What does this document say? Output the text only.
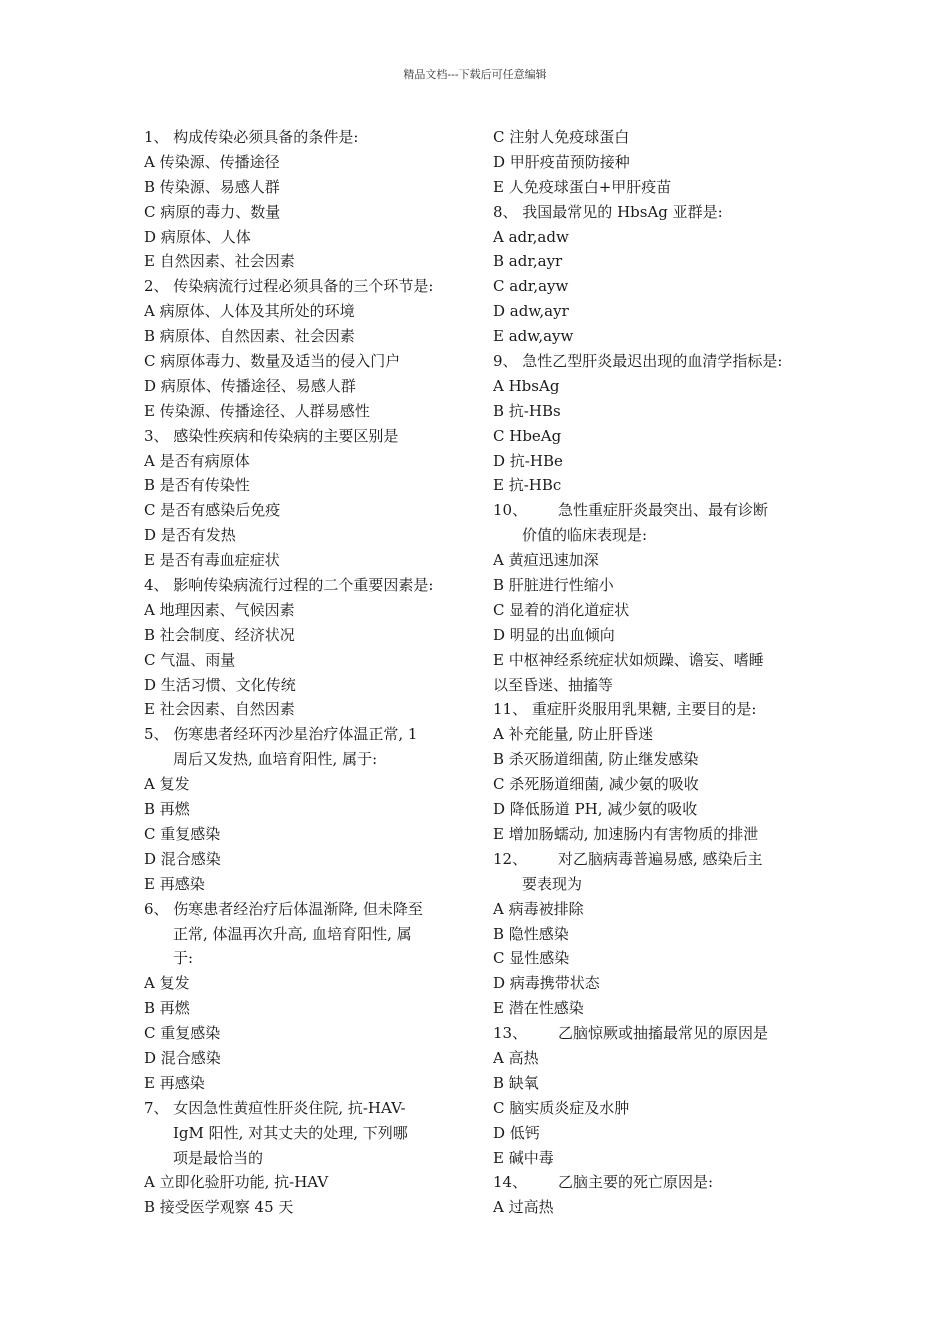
精品文档---下载后可任意编辑
1、 构成传染必须具备的条件是:
A 传染源、传播途径
B 传染源、易感人群
C 病原的毒力、数量
D 病原体、人体
E 自然因素、社会因素
2、 传染病流行过程必须具备的三个环节是:
A 病原体、人体及其所处的环境
B 病原体、自然因素、社会因素
C 病原体毒力、数量及适当的侵入门户
D 病原体、传播途径、易感人群
E 传染源、传播途径、人群易感性
3、 感染性疾病和传染病的主要区别是
A 是否有病原体
B 是否有传染性
C 是否有感染后免疫
D 是否有发热
E 是否有毒血症症状
4、 影响传染病流行过程的二个重要因素是:
A 地理因素、气候因素
B 社会制度、经济状况
C 气温、雨量
D 生活习惯、文化传统
E 社会因素、自然因素
5、 伤寒患者经环丙沙星治疗体温正常, 1
周后又发热, 血培育阳性, 属于:
A 复发
B 再燃
C 重复感染
D 混合感染
E 再感染
6、 伤寒患者经治疗后体温渐降, 但未降至
正常, 体温再次升高, 血培育阳性, 属
于:
A 复发
B 再燃
C 重复感染
D 混合感染
E 再感染
7、 女因急性黄疸性肝炎住院, 抗-HAV-
IgM 阳性, 对其丈夫的处理, 下列哪
项是最恰当的
A 立即化验肝功能, 抗-HAV
B 接受医学观察 45 天
C 注射人免疫球蛋白
D 甲肝疫苗预防接种
E 人免疫球蛋白+甲肝疫苗
8、 我国最常见的 HbsAg 亚群是:
A adr,adw
B adr,ayr
C adr,ayw
D adw,ayr
E adw,ayw
9、 急性乙型肝炎最迟出现的血清学指标是:
A HbsAg
B 抗-HBs
C HbeAg
D 抗-HBe
E 抗-HBc
10、 急性重症肝炎最突出、最有诊断
价值的临床表现是:
A 黄疸迅速加深
B 肝脏进行性缩小
C 显着的消化道症状
D 明显的出血倾向
E 中枢神经系统症状如烦躁、谵妄、嗜睡
以至昏迷、抽搐等
11、 重症肝炎服用乳果糖, 主要目的是:
A 补充能量, 防止肝昏迷
B 杀灭肠道细菌, 防止继发感染
C 杀死肠道细菌, 减少氨的吸收
D 降低肠道 PH, 减少氨的吸收
E 增加肠蠕动, 加速肠内有害物质的排泄
12、 对乙脑病毒普遍易感, 感染后主
要表现为
A 病毒被排除
B 隐性感染
C 显性感染
D 病毒携带状态
E 潜在性感染
13、 乙脑惊厥或抽搐最常见的原因是
A 高热
B 缺氧
C 脑实质炎症及水肿
D 低钙
E 碱中毒
14、 乙脑主要的死亡原因是:
A 过高热
